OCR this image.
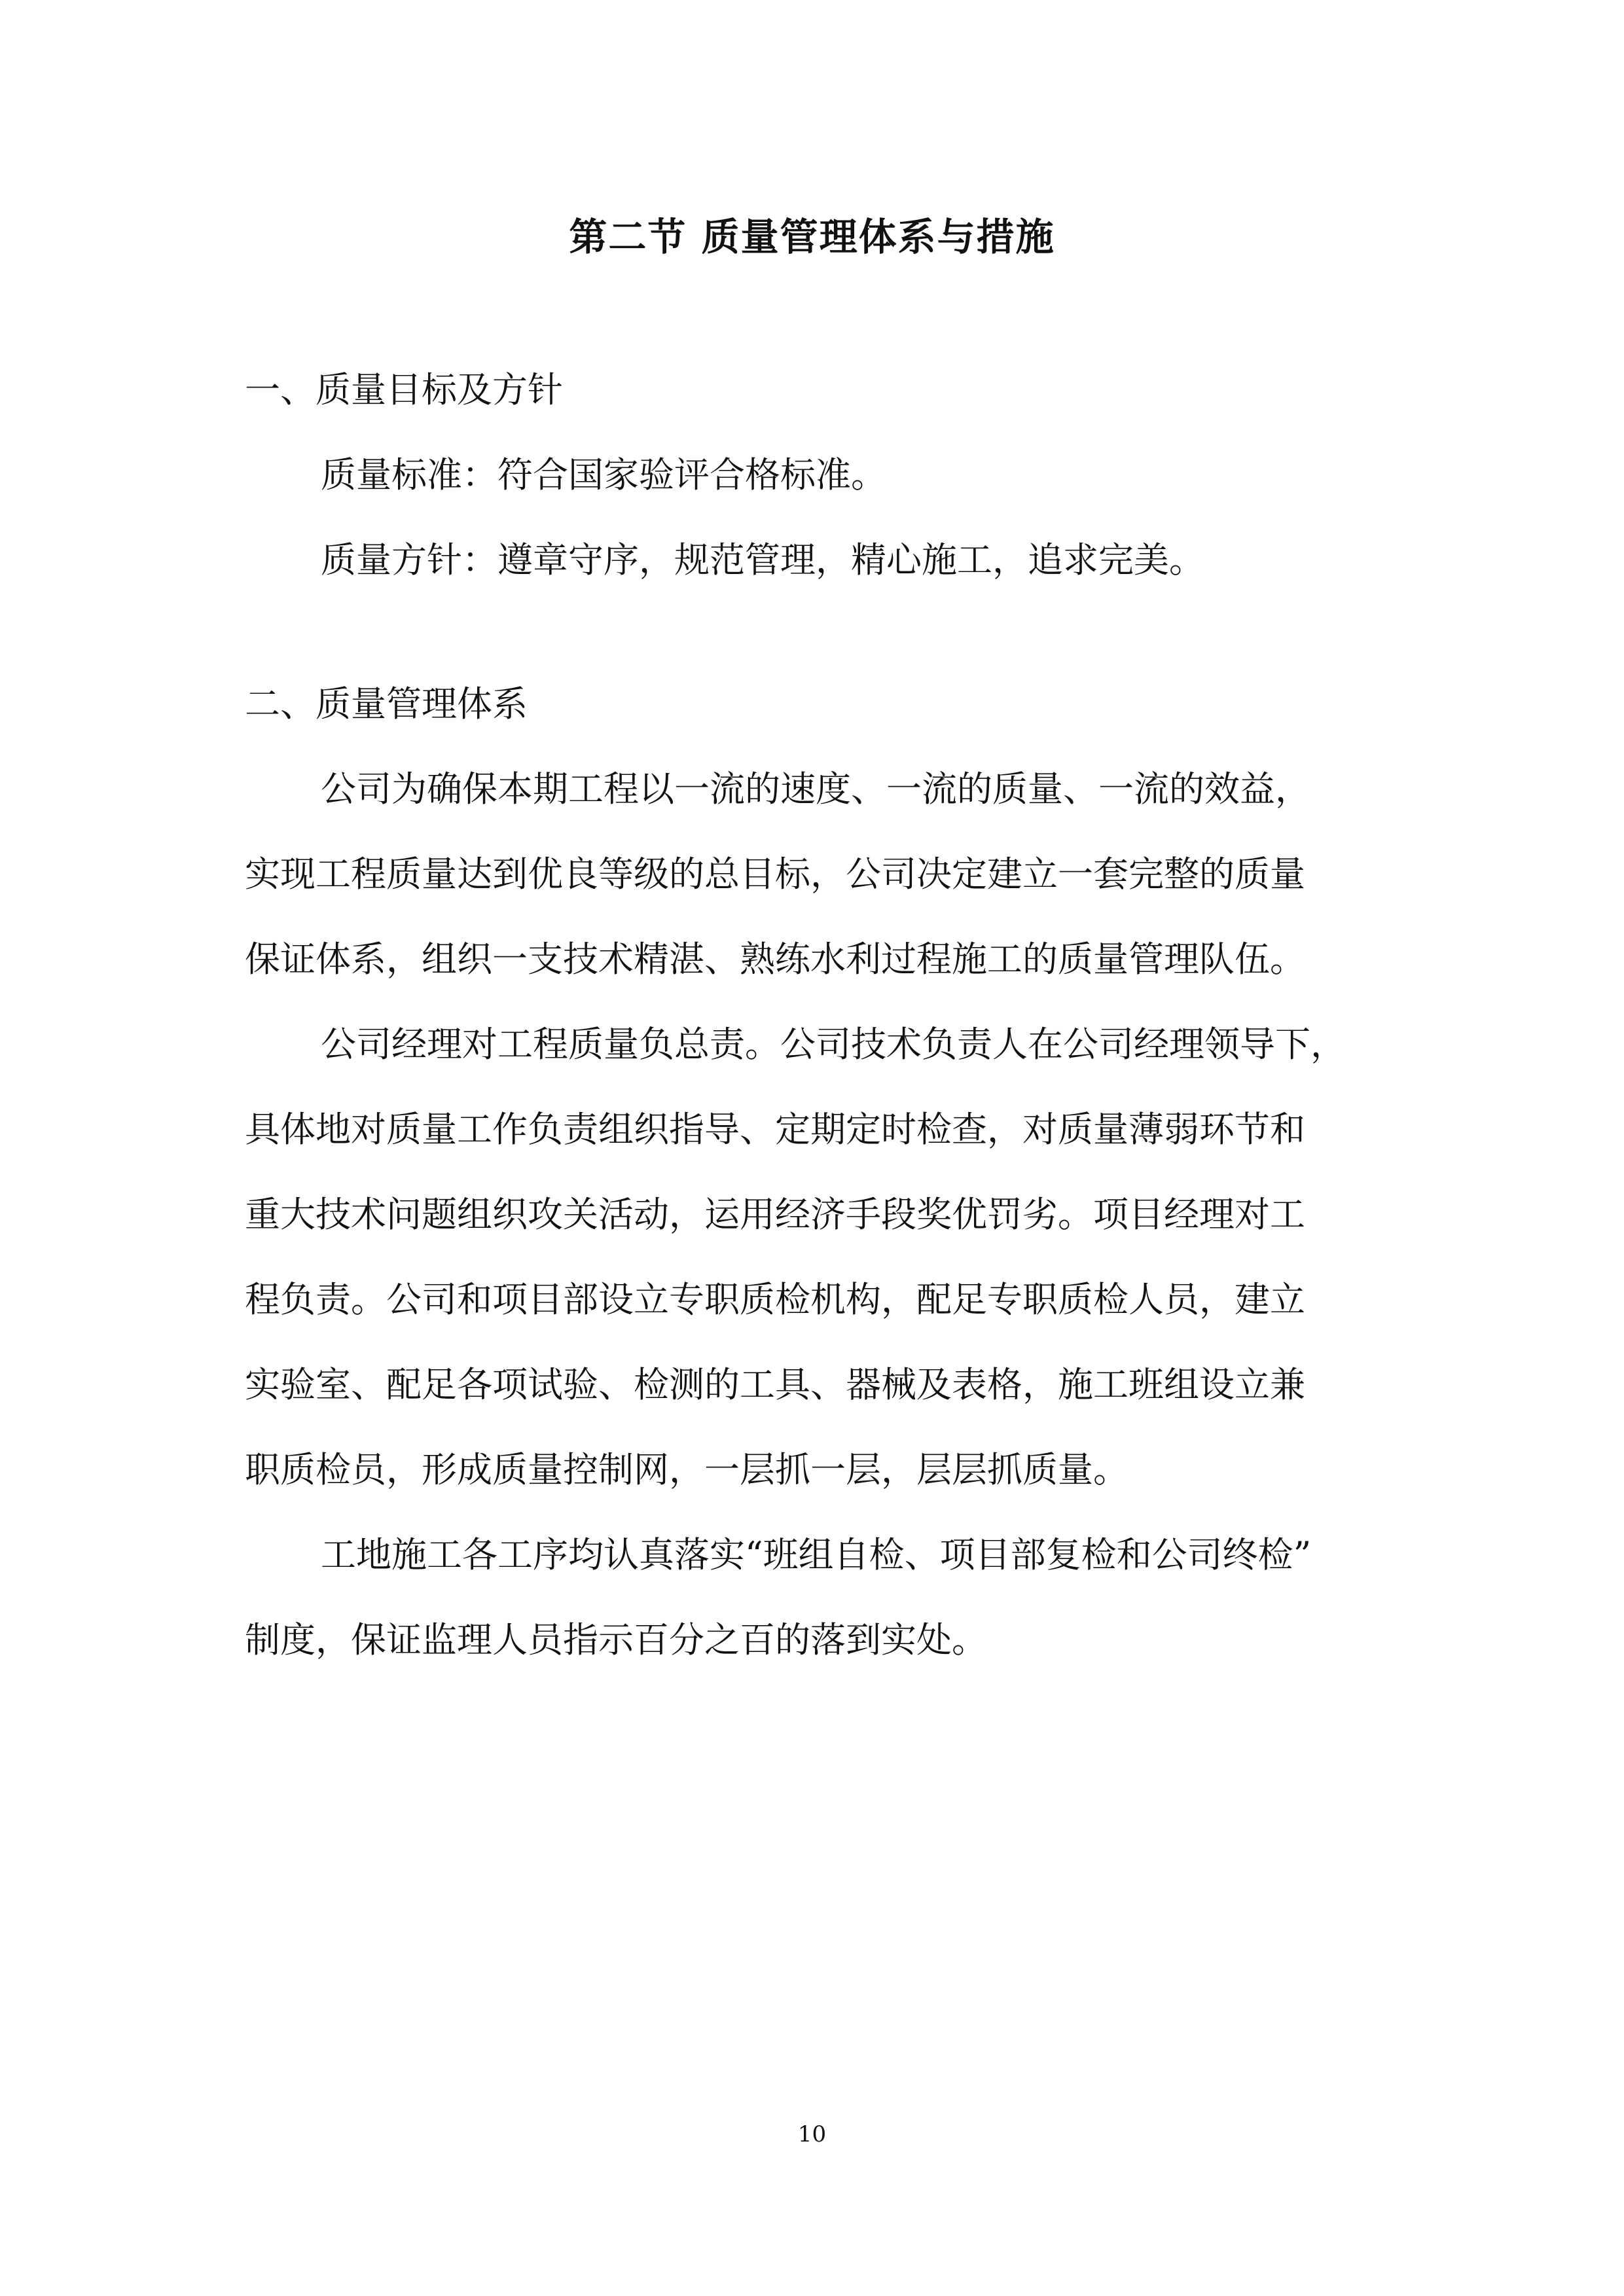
第二节 质量管理体系与措施
一、质量目标及方针
质量标准：符合国家验评合格标准。
质量方针：遵章守序，规范管理，精心施工，追求完美。
二、质量管理体系
公司为确保本期工程以一流的速度、一流的质量、一流的效益，
实现工程质量达到优良等级的总目标，公司决定建立一套完整的质量
保证体系，组织一支技术精湛、熟练水利过程施工的质量管理队伍。
公司经理对工程质量负总责。公司技术负责人在公司经理领导下，
具体地对质量工作负责组织指导、定期定时检查，对质量薄弱环节和
重大技术问题组织攻关活动，运用经济手段奖优罚劣。项目经理对工
程负责。公司和项目部设立专职质检机构，配足专职质检人员，建立
实验室、配足各项试验、检测的工具、器械及表格，施工班组设立兼
职质检员，形成质量控制网，一层抓一层，层层抓质量。
工地施工各工序均认真落实“班组自检、项目部复检和公司终检”
制度，保证监理人员指示百分之百的落到实处。
10
